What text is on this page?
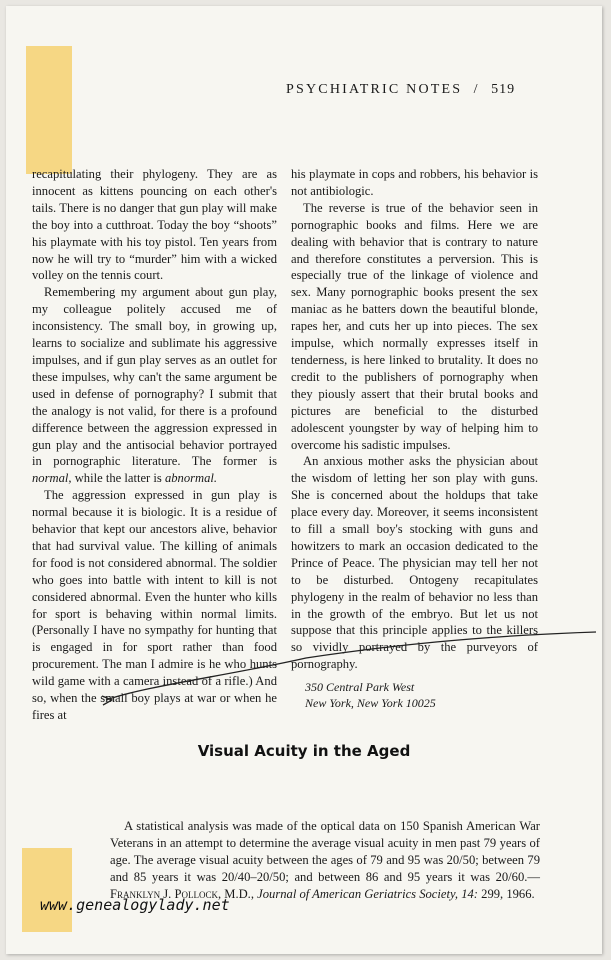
PSYCHIATRIC NOTES / 519

recapitulating their phylogeny. They are as innocent as kittens pouncing on each other's tails. There is no danger that gun play will make the boy into a cutthroat. Today the boy “shoots” his playmate with his toy pistol. Ten years from now he will try to “murder” him with a wicked volley on the tennis court.

Remembering my argument about gun play, my colleague politely accused me of inconsistency. The small boy, in growing up, learns to socialize and sublimate his aggressive impulses, and if gun play serves as an outlet for these impulses, why can't the same argument be used in defense of pornography? I submit that the analogy is not valid, for there is a profound difference between the aggression expressed in gun play and the antisocial behavior portrayed in pornographic literature. The former is normal, while the latter is abnormal.

The aggression expressed in gun play is normal because it is biologic. It is a residue of behavior that kept our ancestors alive, behavior that had survival value. The killing of animals for food is not considered abnormal. The soldier who goes into battle with intent to kill is not considered abnormal. Even the hunter who kills for sport is behaving within normal limits. (Personally I have no sympathy for hunting that is engaged in for sport rather than food procurement. The man I admire is he who hunts wild game with a camera instead of a rifle.) And so, when the small boy plays at war or when he fires at

his playmate in cops and robbers, his behavior is not antibiologic.

The reverse is true of the behavior seen in pornographic books and films. Here we are dealing with behavior that is contrary to nature and therefore constitutes a perversion. This is especially true of the linkage of violence and sex. Many pornographic books present the sex maniac as he batters down the beautiful blonde, rapes her, and cuts her up into pieces. The sex impulse, which normally expresses itself in tenderness, is here linked to brutality. It does no credit to the publishers of pornography when they piously assert that their brutal books and pictures are beneficial to the disturbed adolescent youngster by way of helping him to overcome his sadistic impulses.

An anxious mother asks the physician about the wisdom of letting her son play with guns. She is concerned about the holdups that take place every day. Moreover, it seems inconsistent to fill a small boy's stocking with guns and howitzers to mark an occasion dedicated to the Prince of Peace. The physician may tell her not to be disturbed. Ontogeny recapitulates phylogeny in the realm of behavior no less than in the growth of the embryo. But let us not suppose that this principle applies to the killers so vividly portrayed by the purveyors of pornography.

350 Central Park West
New York, New York 10025
Visual Acuity in the Aged

A statistical analysis was made of the optical data on 150 Spanish American War Veterans in an attempt to determine the average visual acuity in men past 79 years of age. The average visual acuity between the ages of 79 and 95 was 20/50; between 79 and 85 years it was 20/40–20/50; and between 86 and 95 years it was 20/60.—Franklyn J. Pollock, M.D., Journal of American Geriatrics Society, 14: 299, 1966.

www.genealogylady.net
